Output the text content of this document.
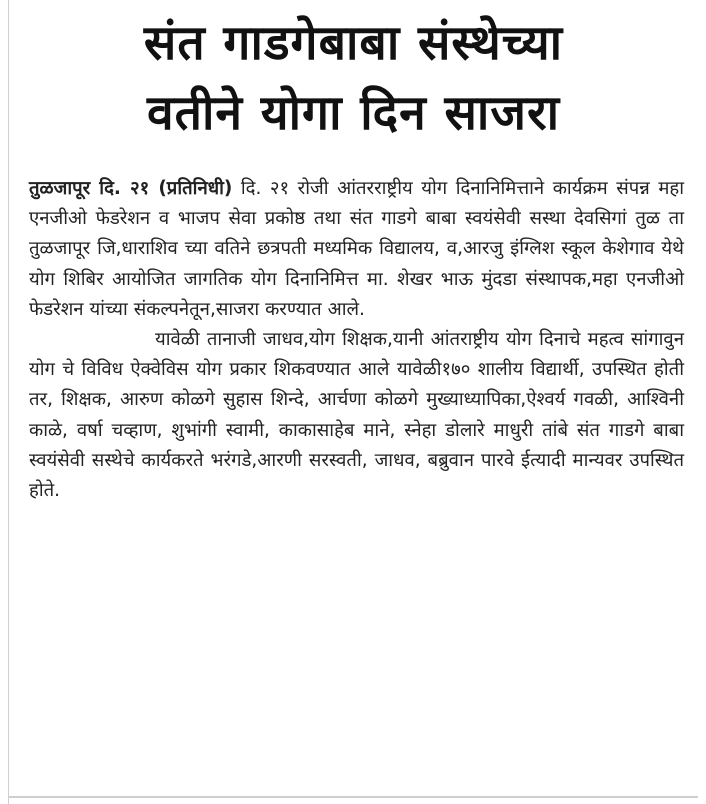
संत गाडगेबाबा संस्थेच्या
वतीने योगा दिन साजरा

तुळजापूर दि. २१ (प्रतिनिधी) दि. २१ रोजी आंतरराष्ट्रीय योग दिनानिमित्ताने कार्यक्रम संपन्न महा एनजीओ फेडरेशन व भाजप सेवा प्रकोष्ठ तथा संत गाडगे बाबा स्वयंसेवी सस्था देवसिगां तुळ ता तुळजापूर जि,धाराशिव च्या वतिने छत्रपती मध्यमिक विद्यालय, व,आरजु इंग्लिश स्कूल केशेगाव येथे योग शिबिर आयोजित जागतिक योग दिनानिमित्त मा. शेखर भाऊ मुंदडा संस्थापक,महा एनजीओ फेडरेशन यांच्या संकल्पनेतून,साजरा करण्यात आले.

यावेळी तानाजी जाधव,योग शिक्षक,यानी आंतराष्ट्रीय योग दिनाचे महत्व सांगावुन योग चे विविध ऐक्वेविस योग प्रकार शिकवण्यात आले यावेळी१७० शालीय विद्यार्थी, उपस्थित होती तर, शिक्षक, आरुण कोळगे सुहास शिन्दे, आर्चणा कोळगे मुख्याध्यापिका,ऐश्वर्य गवळी, आश्विनी काळे, वर्षा चव्हाण, शुभांगी स्वामी, काकासाहेब माने, स्नेहा डोलारे माधुरी तांबे संत गाडगे बाबा स्वयंसेवी सस्थेचे कार्यकरते भरंगडे,आरणी सरस्वती, जाधव, बब्रुवान पारवे ईत्यादी मान्यवर उपस्थित होते.
